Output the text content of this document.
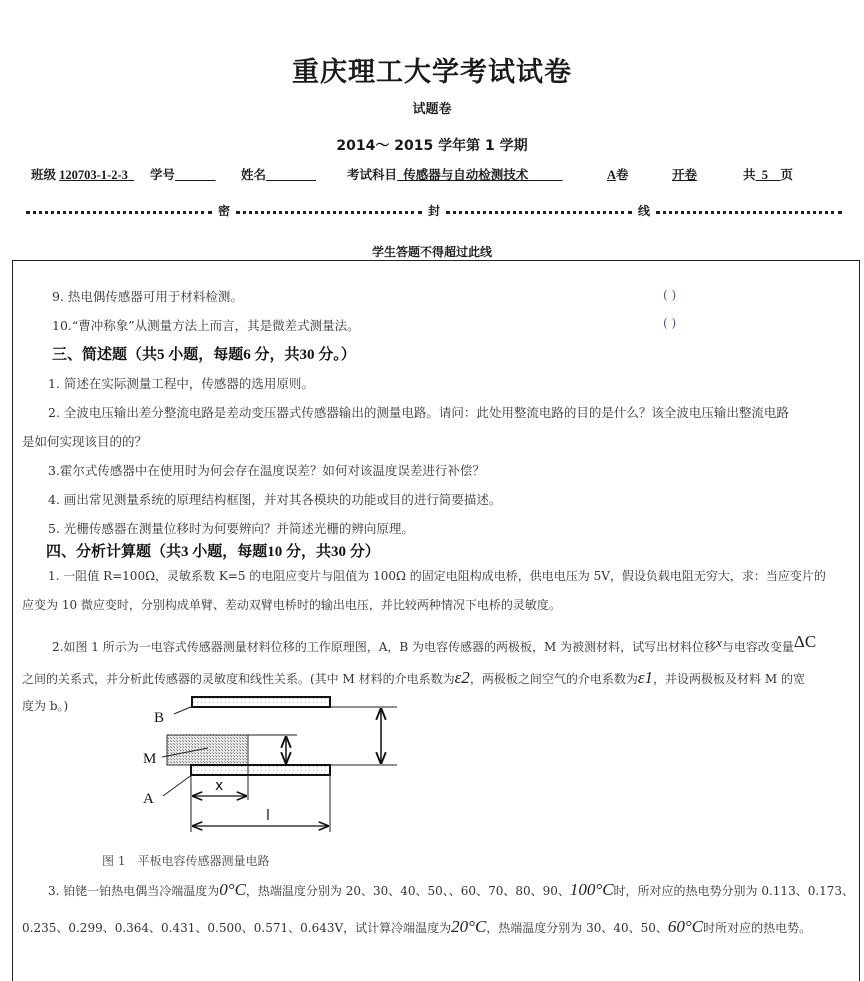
重庆理工大学考试试卷
试题卷
2014～ 2015 学年第 1 学期
班级 120703-1-2-3	学号	姓名	考试科目 传感器与自动检测技术	A卷	开卷	共 5 页
密	封	线
学生答题不得超过此线
9. 热电偶传感器可用于材料检测。	( )
10.“曹冲称象”从测量方法上而言，其是微差式测量法。	( )
三、简述题（共5 小题，每题6 分，共30 分。）
1. 简述在实际测量工程中，传感器的选用原则。
2. 全波电压输出差分整流电路是差动变压器式传感器输出的测量电路。请问：此处用整流电路的目的是什么？该全波电压输出整流电路
是如何实现该目的的？
3.霍尔式传感器中在使用时为何会存在温度误差？如何对该温度误差进行补偿？
4. 画出常见测量系统的原理结构框图，并对其各模块的功能或目的进行简要描述。
5. 光栅传感器在测量位移时为何要辨向？并简述光栅的辨向原理。
四、分析计算题（共3 小题，每题10 分，共30 分）
1. 一阻值 R=100Ω，灵敏系数 K=5 的电阻应变片与阻值为 100Ω 的固定电阻构成电桥，供电电压为 5V，假设负载电阻无穷大，求：当应变片的
应变为 10 微应变时，分别构成单臂、差动双臂电桥时的输出电压，并比较两种情况下电桥的灵敏度。
2.如图 1 所示为一电容式传感器测量材料位移的工作原理图，A，B 为电容传感器的两极板，M 为被测材料，试写出材料位移x与电容改变量ΔC
之间的关系式，并分析此传感器的灵敏度和线性关系。(其中 M 材料的介电系数为ε2，两极板之间空气的介电系数为ε1，并设两极板及材料 M 的宽
度为 b。)
B
M
A
x
l
图 1　平板电容传感器测量电路
3. 铂铑一铂热电偶当冷端温度为0°C，热端温度分别为 20、30、40、50、、60、70、80、90、100°C时，所对应的热电势分别为 0.113、0.173、
0.235、0.299、0.364、0.431、0.500、0.571、0.643V，试计算冷端温度为20°C，热端温度分别为 30、40、50、60°C时所对应的热电势。
